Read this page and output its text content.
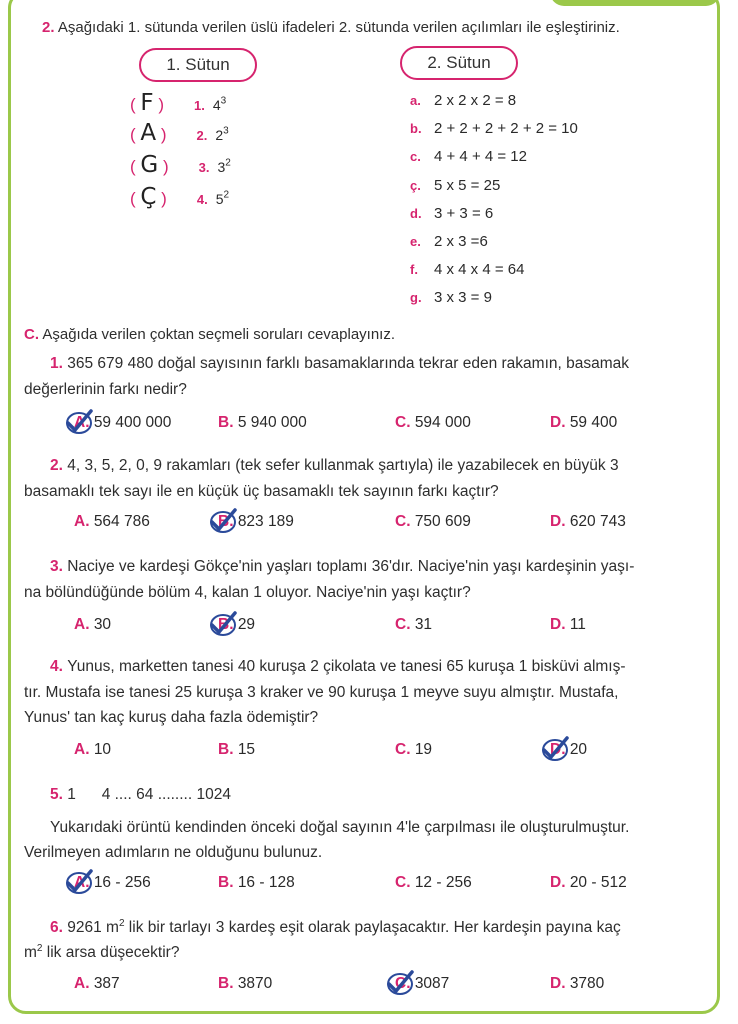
2. Aşağıdaki 1. sütunda verilen üslü ifadeleri 2. sütunda verilen açılımları ile eşleştiriniz.
1. Sütun	2. Sütun
( F ) 1. $4^3$
( A ) 2. $2^3$
( G ) 3. $3^2$
( Ç ) 4. $5^2$
a. 2 x 2 x 2 = 8
b. 2 + 2 + 2 + 2 + 2 = 10
c. 4 + 4 + 4 = 12
ç. 5 x 5 = 25
d. 3 + 3 = 6
e. 2 x 3 =6
f. 4 x 4 x 4 = 64
g. 3 x 3 = 9
C. Aşağıda verilen çoktan seçmeli soruları cevaplayınız.
1. 365 679 480 doğal sayısının farklı basamaklarında tekrar eden rakamın, basamak
değerlerinin farkı nedir?
A. 59 400 000	B. 5 940 000	C. 594 000	D. 59 400
2. 4, 3, 5, 2, 0, 9 rakamları (tek sefer kullanmak şartıyla) ile yazabilecek en büyük 3
basamaklı tek sayı ile en küçük üç basamaklı tek sayının farkı kaçtır?
A. 564 786	B. 823 189	C. 750 609	D. 620 743
3. Naciye ve kardeşi Gökçe'nin yaşları toplamı 36'dır. Naciye'nin yaşı kardeşinin yaşı-
na bölündüğünde bölüm 4, kalan 1 oluyor. Naciye'nin yaşı kaçtır?
A. 30	B. 29	C. 31	D. 11
4. Yunus, marketten tanesi 40 kuruşa 2 çikolata ve tanesi 65 kuruşa 1 bisküvi almış-
tır. Mustafa ise tanesi 25 kuruşa 3 kraker ve 90 kuruşa 1 meyve suyu almıştır. Mustafa,
Yunus' tan kaç kuruş daha fazla ödemiştir?
A. 10	B. 15	C. 19	D. 20
5. 1      4 .... 64 ........ 1024
Yukarıdaki örüntü kendinden önceki doğal sayının 4'le çarpılması ile oluşturulmuştur.
Verilmeyen adımların ne olduğunu bulunuz.
A. 16 - 256	B. 16 - 128	C. 12 - 256	D. 20 - 512
6. 9261 $m^2$ lik bir tarlayı 3 kardeş eşit olarak paylaşacaktır. Her kardeşin payına kaç
$m^2$ lik arsa düşecektir?
A. 387	B. 3870	C. 3087	D. 3780
